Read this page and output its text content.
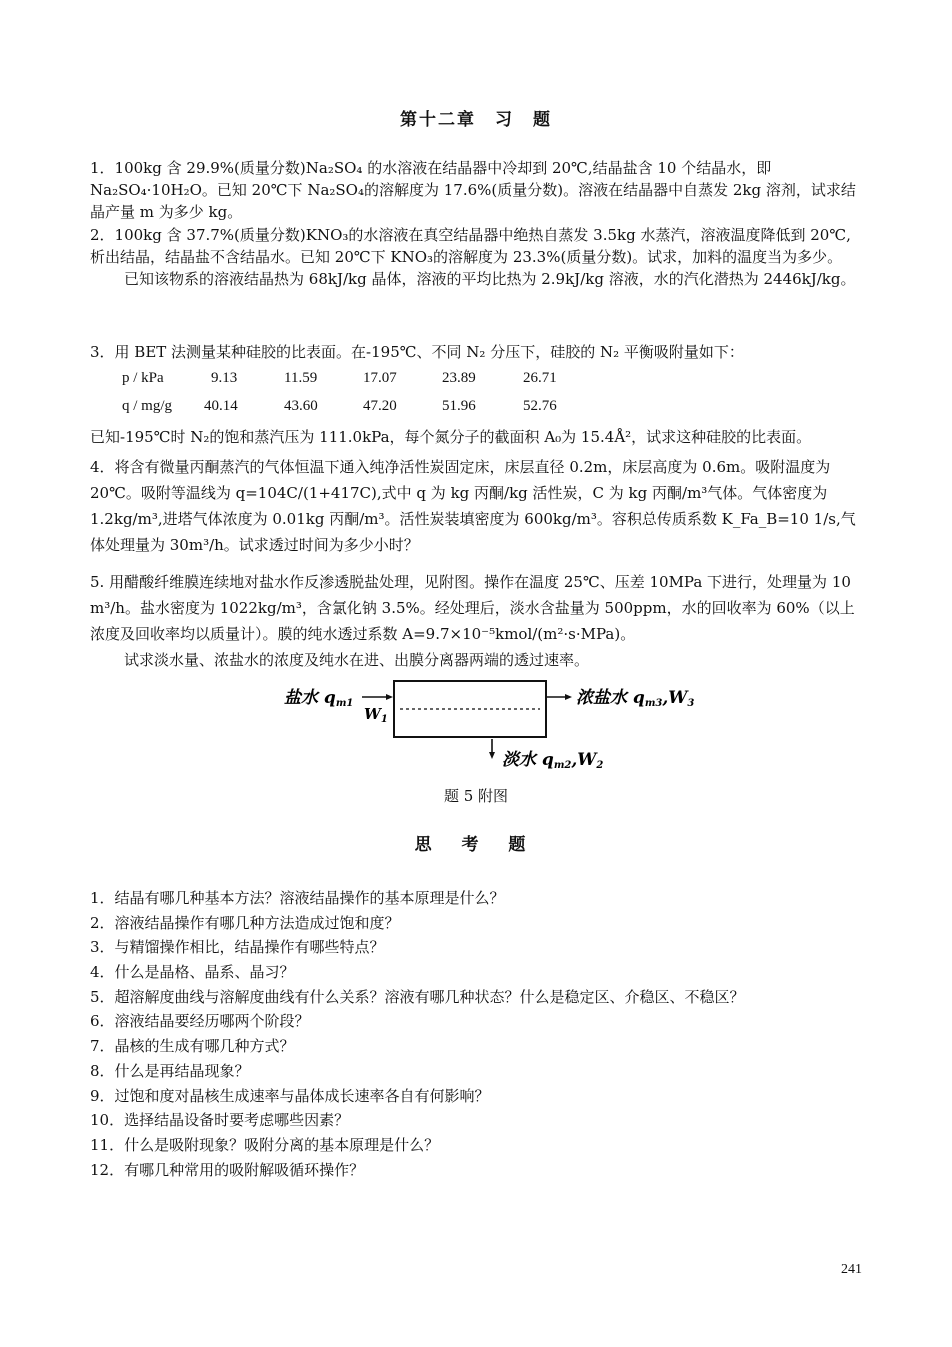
第十二章　习　题

1．100kg 含 29.9%(质量分数)Na₂SO₄ 的水溶液在结晶器中冷却到 20℃,结晶盐含 10 个结晶水，即 Na₂SO₄·10H₂O。已知 20℃下 Na₂SO₄的溶解度为 17.6%(质量分数)。溶液在结晶器中自蒸发 2kg 溶剂，试求结晶产量 m 为多少 kg。

2．100kg 含 37.7%(质量分数)KNO₃的水溶液在真空结晶器中绝热自蒸发 3.5kg 水蒸汽，溶液温度降低到 20℃,析出结晶，结晶盐不含结晶水。已知 20℃下 KNO₃的溶解度为 23.3%(质量分数)。试求，加料的温度当为多少。

已知该物系的溶液结晶热为 68kJ/kg 晶体，溶液的平均比热为 2.9kJ/kg 溶液，水的汽化潜热为 2446kJ/kg。

3．用 BET 法测量某种硅胶的比表面。在-195℃、不同 N₂ 分压下，硅胶的 N₂ 平衡吸附量如下：

p / kPa	9.13	11.59	17.07	23.89	26.71
q / mg/g 40.14	43.60	47.20	51.96	52.76

已知-195℃时 N₂的饱和蒸汽压为 111.0kPa，每个氮分子的截面积 A₀为 15.4Å²，试求这种硅胶的比表面。

4．将含有微量丙酮蒸汽的气体恒温下通入纯净活性炭固定床，床层直径 0.2m，床层高度为 0.6m。吸附温度为 20℃。吸附等温线为 q=104C/(1+417C),式中 q 为 kg 丙酮/kg 活性炭，C 为 kg 丙酮/m³气体。气体密度为 1.2kg/m³,进塔气体浓度为 0.01kg 丙酮/m³。活性炭装填密度为 600kg/m³。容积总传质系数 K_Fa_B=10 1/s,气体处理量为 30m³/h。试求透过时间为多少小时？

5. 用醋酸纤维膜连续地对盐水作反渗透脱盐处理，见附图。操作在温度 25℃、压差 10MPa 下进行，处理量为 10 m³/h。盐水密度为 1022kg/m³，含氯化钠 3.5%。经处理后，淡水含盐量为 500ppm，水的回收率为 60%（以上浓度及回收率均以质量计）。膜的纯水透过系数 A=9.7×10⁻⁵kmol/(m²·s·MPa)。

试求淡水量、浓盐水的浓度及纯水在进、出膜分离器两端的透过速率。

盐水 qm1
$W_1$
浓盐水 qm3,W3
淡水 qm2,W2
题 5 附图
思 考 题
1．结晶有哪几种基本方法？溶液结晶操作的基本原理是什么？
2．溶液结晶操作有哪几种方法造成过饱和度？
3．与精馏操作相比，结晶操作有哪些特点？
4．什么是晶格、晶系、晶习？
5．超溶解度曲线与溶解度曲线有什么关系？溶液有哪几种状态？什么是稳定区、介稳区、不稳区？
6．溶液结晶要经历哪两个阶段？
7．晶核的生成有哪几种方式？
8．什么是再结晶现象？
9．过饱和度对晶核生成速率与晶体成长速率各自有何影响？
10．选择结晶设备时要考虑哪些因素？
11．什么是吸附现象？吸附分离的基本原理是什么？
12．有哪几种常用的吸附解吸循环操作？
241
